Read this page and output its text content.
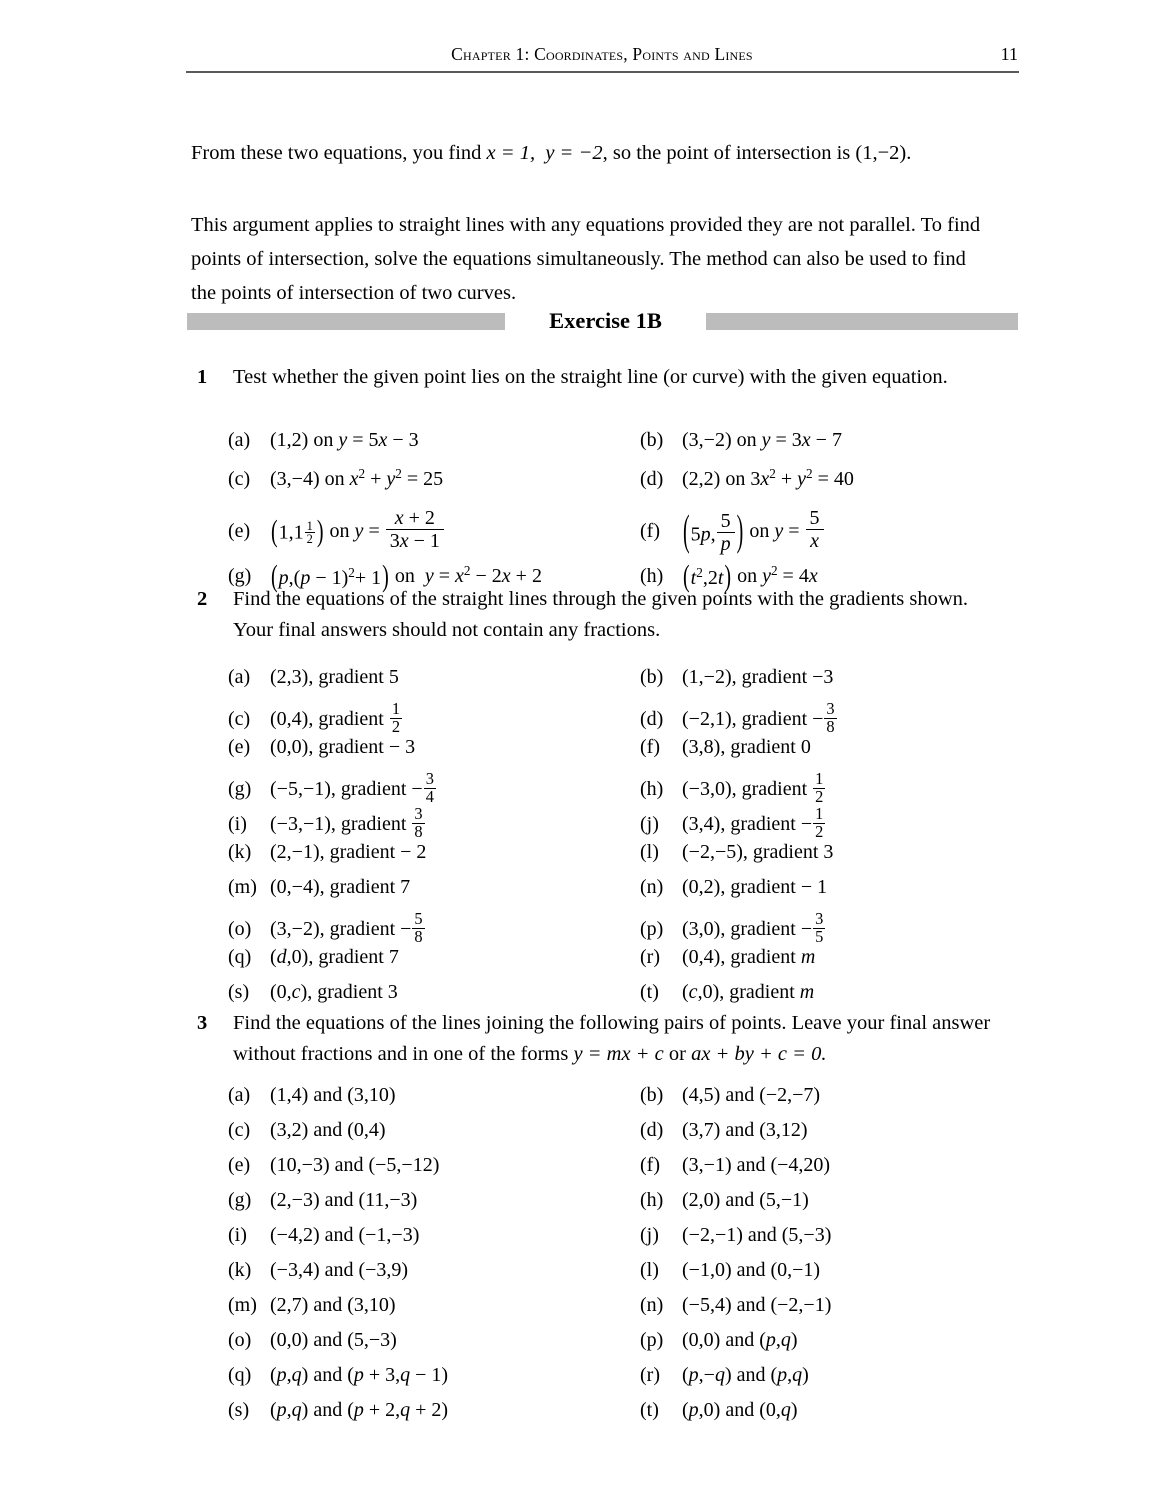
Chapter 1: Coordinates, Points and Lines	11
From these two equations, you find x = 1, y = −2, so the point of intersection is (1,−2).
This argument applies to straight lines with any equations provided they are not parallel. To find points of intersection, solve the equations simultaneously. The method can also be used to find the points of intersection of two curves.
Exercise 1B
1 Test whether the given point lies on the straight line (or curve) with the given equation.
(a) (1,2) on y = 5x − 3	(b) (3,−2) on y = 3x − 7
(c) (3,−4) on $x^2 + y^2 = 25$	(d) (2,2) on $3x^2 + y^2 = 40$
(e) ($1,1 \frac{1}{2}$ ) on $y = \frac{x + 2}{3x - 1}$	(f) (5p, $\frac{5}{p}$ ) on $y = \frac{5}{x}$
(g) $(p,(p - 1)^2+ 1)$ on  $y = x^2 - 2x + 2$	(h) $(t^2,2t)$ on $y^2 = 4x$
2 Find the equations of the straight lines through the given points with the gradients shown. Your final answers should not contain any fractions.
(a) (2,3), gradient 5	(b) (1,−2), gradient −3
(c) (0,4), gradient $\frac{1}{2}$	(d) (−2,1), gradient − $\frac{3}{8}$
(e) (0,0), gradient − 3	(f) (3,8), gradient 0
(g) (−5,−1), gradient − $\frac{3}{4}$	(h) (−3,0), gradient $\frac{1}{2}$
(i) (−3,−1), gradient $\frac{3}{8}$	(j) (3,4), gradient − $\frac{1}{2}$
(k) (2,−1), gradient − 2	(l) (−2,−5), gradient 3
(m) (0,−4), gradient 7	(n) (0,2), gradient − 1
(o) (3,−2), gradient − $\frac{5}{8}$	(p) (3,0), gradient − $\frac{3}{5}$
(q) (d,0), gradient 7	(r) (0,4), gradient m
(s) (0,c), gradient 3	(t) (c,0), gradient m
3 Find the equations of the lines joining the following pairs of points. Leave your final answer without fractions and in one of the forms y = mx + c or ax + by + c = 0.
(a) (1,4) and (3,10)	(b) (4,5) and (−2,−7)
(c) (3,2) and (0,4)	(d) (3,7) and (3,12)
(e) (10,−3) and (−5,−12)	(f) (3,−1) and (−4,20)
(g) (2,−3) and (11,−3)	(h) (2,0) and (5,−1)
(i) (−4,2) and (−1,−3)	(j) (−2,−1) and (5,−3)
(k) (−3,4) and (−3,9)	(l) (−1,0) and (0,−1)
(m) (2,7) and (3,10)	(n) (−5,4) and (−2,−1)
(o) (0,0) and (5,−3)	(p) (0,0) and (p,q)
(q) (p,q) and (p + 3,q − 1)	(r) (p,−q) and (p,q)
(s) (p,q) and (p + 2,q + 2)	(t) (p,0) and (0,q)
